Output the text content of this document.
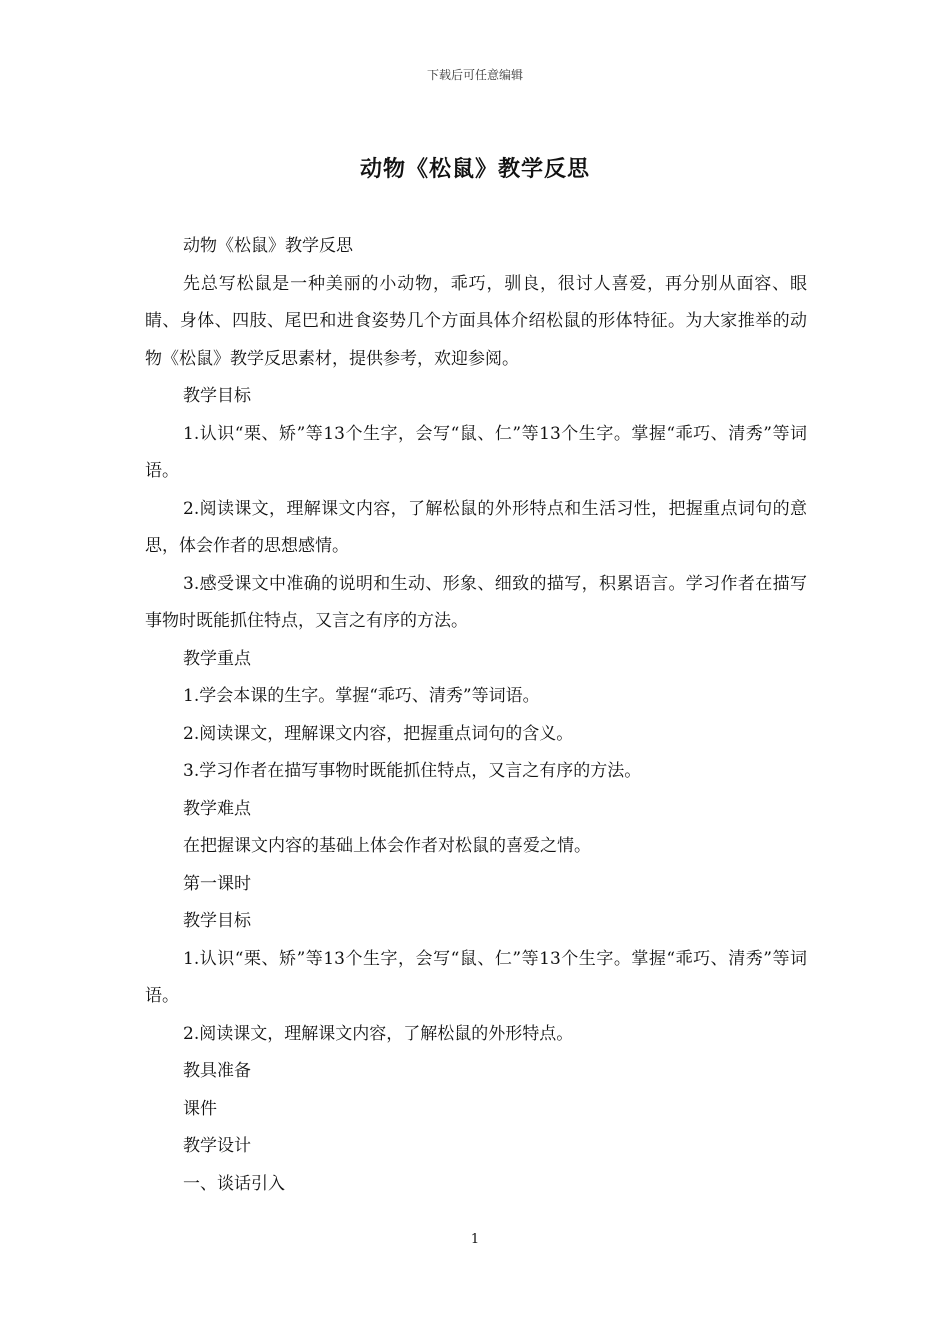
下载后可任意编辑
动物《松鼠》教学反思

动物《松鼠》教学反思

先总写松鼠是一种美丽的小动物，乖巧，驯良，很讨人喜爱，再分别从面容、眼睛、身体、四肢、尾巴和进食姿势几个方面具体介绍松鼠的形体特征。为大家推举的动物《松鼠》教学反思素材，提供参考，欢迎参阅。

教学目标

1.认识“栗、矫”等13个生字，会写“鼠、仁”等13个生字。掌握“乖巧、清秀”等词语。

2.阅读课文，理解课文内容，了解松鼠的外形特点和生活习性，把握重点词句的意思，体会作者的思想感情。

3.感受课文中准确的说明和生动、形象、细致的描写，积累语言。学习作者在描写事物时既能抓住特点，又言之有序的方法。

教学重点

1.学会本课的生字。掌握“乖巧、清秀”等词语。

2.阅读课文，理解课文内容，把握重点词句的含义。

3.学习作者在描写事物时既能抓住特点，又言之有序的方法。

教学难点

在把握课文内容的基础上体会作者对松鼠的喜爱之情。

第一课时

教学目标

1.认识“栗、矫”等13个生字，会写“鼠、仁”等13个生字。掌握“乖巧、清秀”等词语。

2.阅读课文，理解课文内容，了解松鼠的外形特点。

教具准备

课件

教学设计

一、谈话引入

1
